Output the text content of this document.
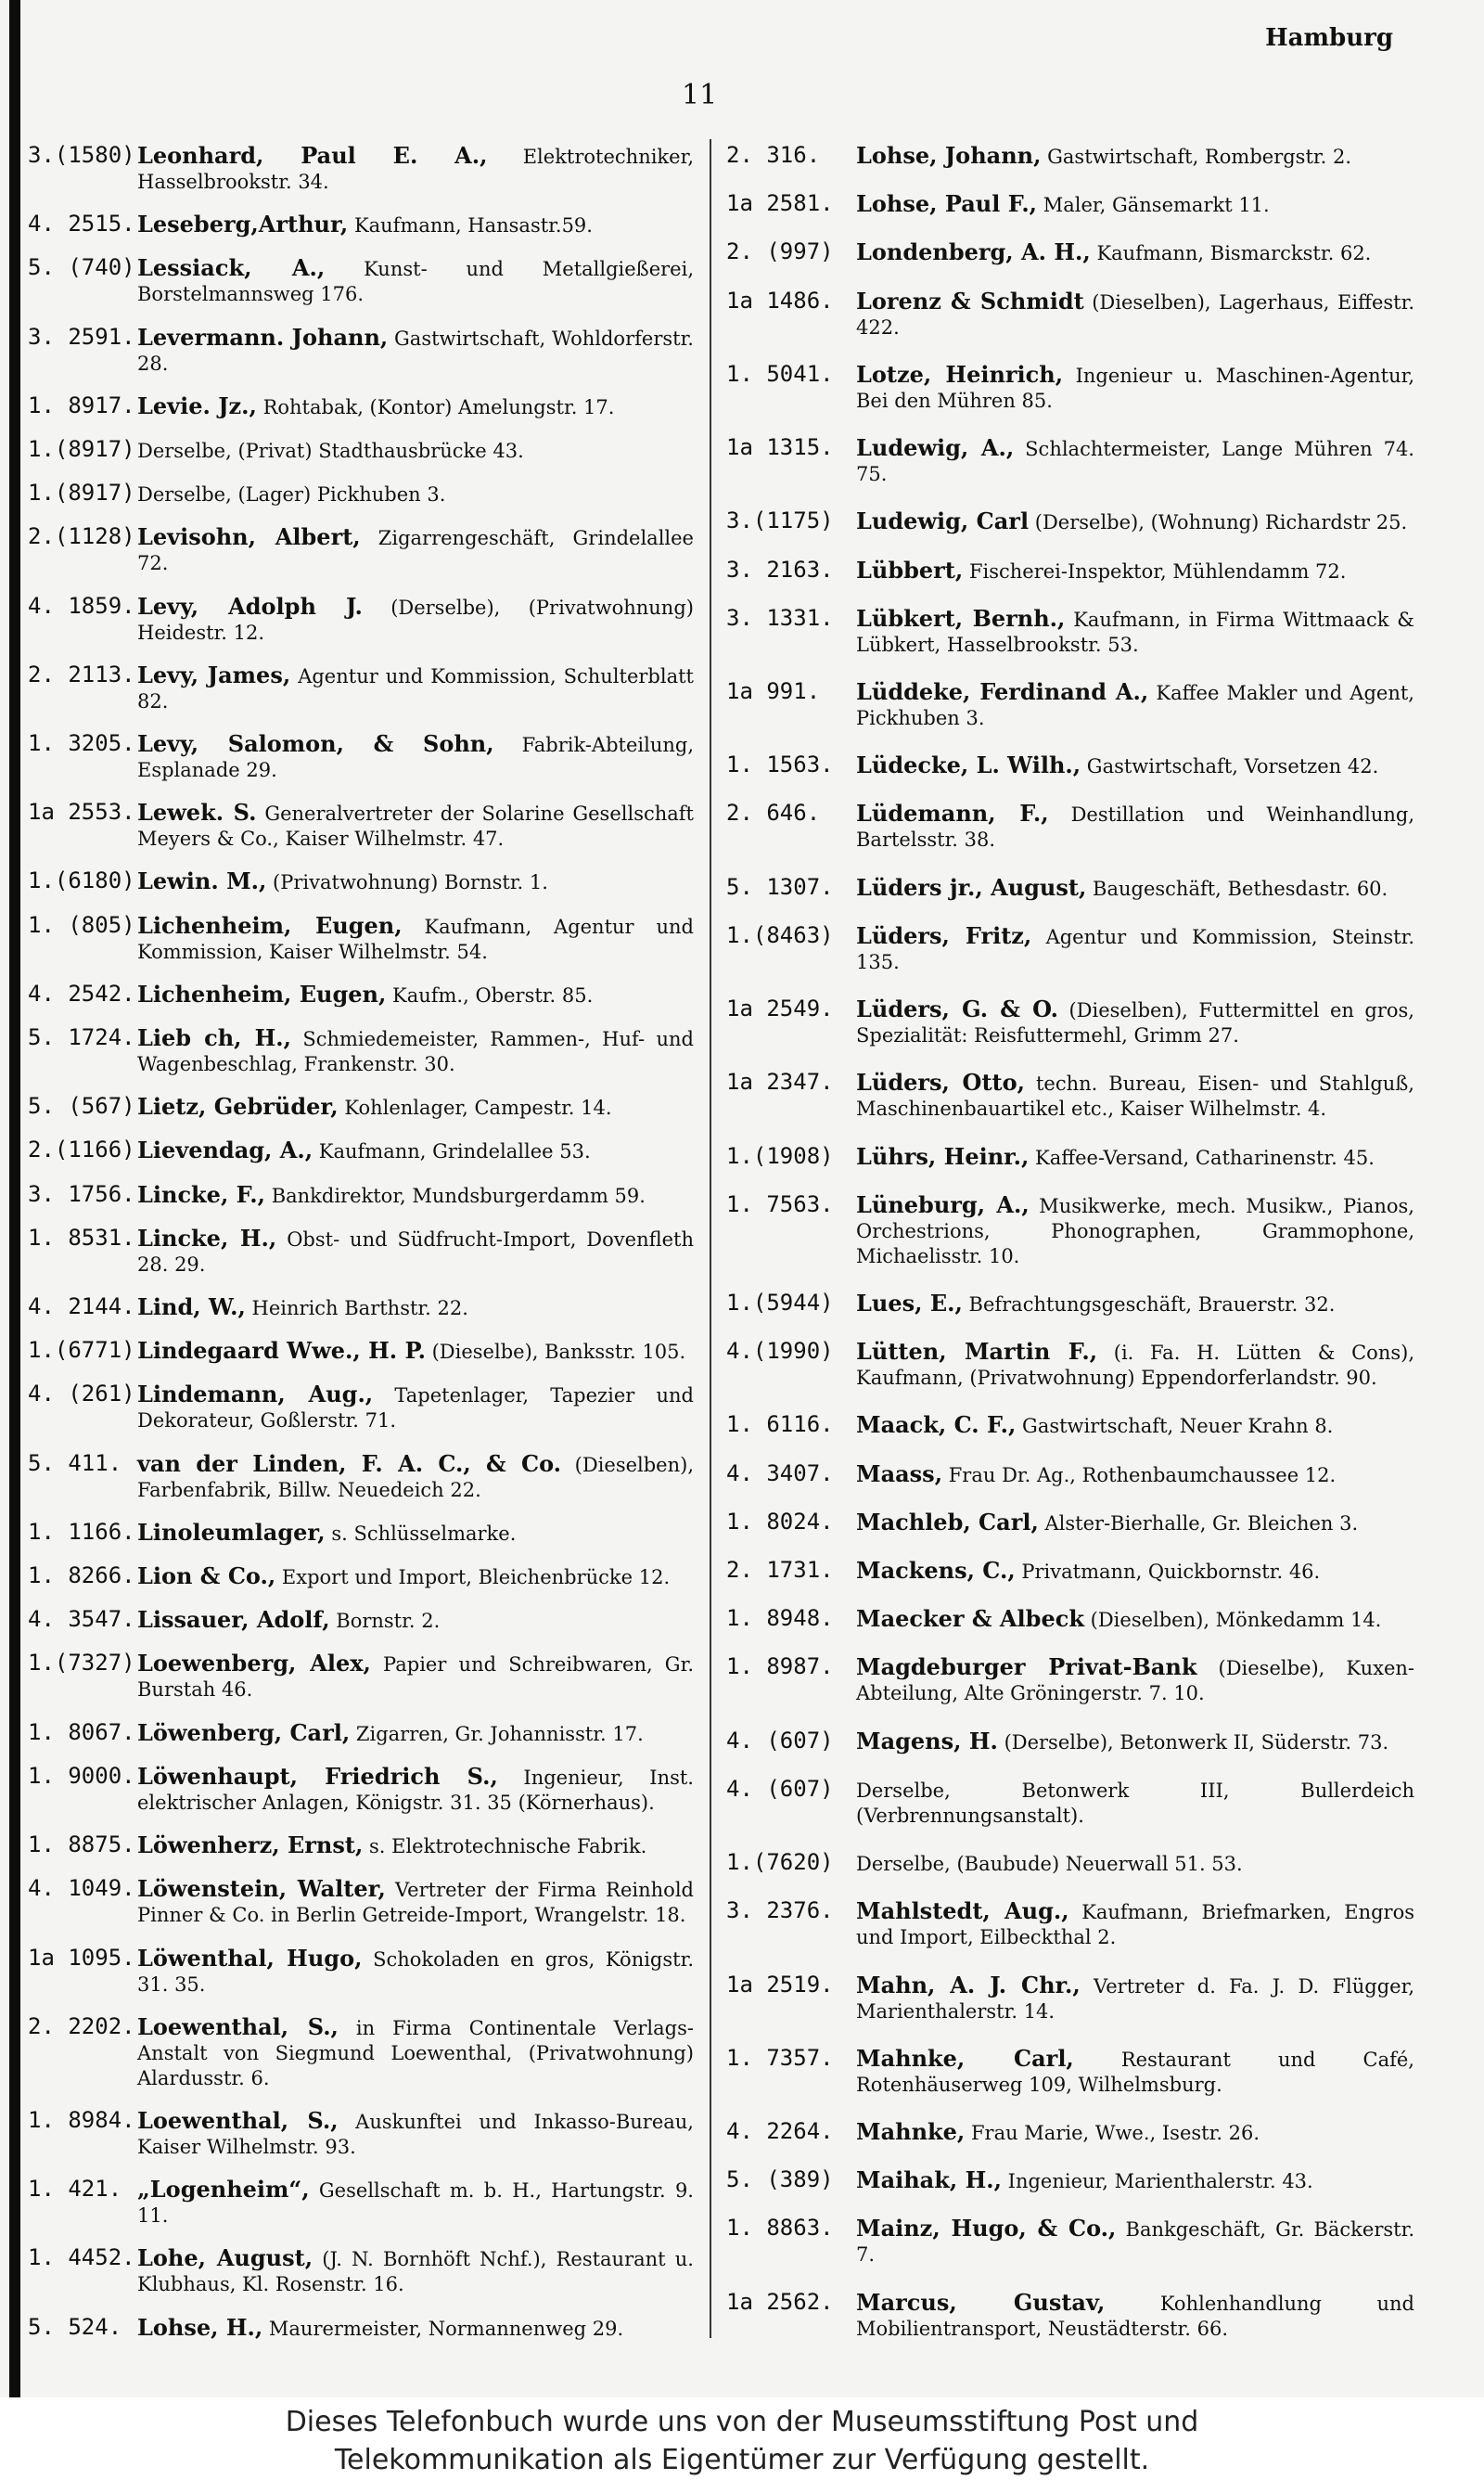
Hamburg
11
3.(1580) Leonhard, Paul E. A., Elektrotechniker, Hasselbrookstr. 34.
4. 2515. Leseberg,Arthur, Kaufmann, Hansastr.59.
5. (740) Lessiack, A., Kunst- und Metallgießerei, Borstelmannsweg 176.
3. 2591. Levermann. Johann, Gastwirtschaft, Wohldorferstr. 28.
1. 8917. Levie. Jz., Rohtabak, (Kontor) Amelungstr. 17.
1.(8917) Derselbe, (Privat) Stadthausbrücke 43.
1.(8917) Derselbe, (Lager) Pickhuben 3.
2.(1128) Levisohn, Albert, Zigarrengeschäft, Grindelallee 72.
4. 1859. Levy, Adolph J. (Derselbe), (Privatwohnung) Heidestr. 12.
2. 2113. Levy, James, Agentur und Kommission, Schulterblatt 82.
1. 3205. Levy, Salomon, & Sohn, Fabrik-Abteilung, Esplanade 29.
1a 2553. Lewek. S. Generalvertreter der Solarine Gesellschaft Meyers & Co., Kaiser Wilhelmstr. 47.
1.(6180) Lewin. M., (Privatwohnung) Bornstr. 1.
1. (805) Lichenheim, Eugen, Kaufmann, Agentur und Kommission, Kaiser Wilhelmstr. 54.
4. 2542. Lichenheim, Eugen, Kaufm., Oberstr. 85.
5. 1724. Lieb ch, H., Schmiedemeister, Rammen-, Huf- und Wagenbeschlag, Frankenstr. 30.
5. (567) Lietz, Gebrüder, Kohlenlager, Campestr. 14.
2.(1166) Lievendag, A., Kaufmann, Grindelallee 53.
3. 1756. Lincke, F., Bankdirektor, Mundsburgerdamm 59.
1. 8531. Lincke, H., Obst- und Südfrucht-Import, Dovenfleth 28. 29.
4. 2144. Lind, W., Heinrich Barthstr. 22.
1.(6771) Lindegaard Wwe., H. P. (Dieselbe), Banksstr. 105.
4. (261) Lindemann, Aug., Tapetenlager, Tapezier und Dekorateur, Goßlerstr. 71.
5. 411. van der Linden, F. A. C., & Co. (Dieselben), Farbenfabrik, Billw. Neuedeich 22.
1. 1166. Linoleumlager, s. Schlüsselmarke.
1. 8266. Lion & Co., Export und Import, Bleichenbrücke 12.
4. 3547. Lissauer, Adolf, Bornstr. 2.
1.(7327) Loewenberg, Alex, Papier und Schreibwaren, Gr. Burstah 46.
1. 8067. Löwenberg, Carl, Zigarren, Gr. Johannisstr. 17.
1. 9000. Löwenhaupt, Friedrich S., Ingenieur, Inst. elektrischer Anlagen, Königstr. 31. 35 (Körnerhaus).
1. 8875. Löwenherz, Ernst, s. Elektrotechnische Fabrik.
4. 1049. Löwenstein, Walter, Vertreter der Firma Reinhold Pinner & Co. in Berlin Getreide-Import, Wrangelstr. 18.
1a 1095. Löwenthal, Hugo, Schokoladen en gros, Königstr. 31. 35.
2. 2202. Loewenthal, S., in Firma Continentale Verlags-Anstalt von Siegmund Loewenthal, (Privatwohnung) Alardusstr. 6.
1. 8984. Loewenthal, S., Auskunftei und Inkasso-Bureau, Kaiser Wilhelmstr. 93.
1. 421. „Logenheim“, Gesellschaft m. b. H., Hartungstr. 9. 11.
1. 4452. Lohe, August, (J. N. Bornhöft Nchf.), Restaurant u. Klubhaus, Kl. Rosenstr. 16.
5. 524. Lohse, H., Maurermeister, Normannenweg 29.
2. 316.	Lohse, Johann, Gastwirtschaft, Rombergstr. 2.
1a 2581.	Lohse, Paul F., Maler, Gänsemarkt 11.
2. (997)	Londenberg, A. H., Kaufmann, Bismarckstr. 62.
1a 1486.	Lorenz & Schmidt (Dieselben), Lagerhaus, Eiffestr. 422.
1. 5041.	Lotze, Heinrich, Ingenieur u. Maschinen-Agentur, Bei den Mühren 85.
1a 1315.	Ludewig, A., Schlachtermeister, Lange Mühren 74. 75.
3.(1175)	Ludewig, Carl (Derselbe), (Wohnung) Richardstr 25.
3. 2163.	Lübbert, Fischerei-Inspektor, Mühlendamm 72.
3. 1331.	Lübkert, Bernh., Kaufmann, in Firma Wittmaack & Lübkert, Hasselbrookstr. 53.
1a 991.	Lüddeke, Ferdinand A., Kaffee Makler und Agent, Pickhuben 3.
1. 1563.	Lüdecke, L. Wilh., Gastwirtschaft, Vorsetzen 42.
2. 646.	Lüdemann, F., Destillation und Weinhandlung, Bartelsstr. 38.
5. 1307.	Lüders jr., August, Baugeschäft, Bethesdastr. 60.
1.(8463)	Lüders, Fritz, Agentur und Kommission, Steinstr. 135.
1a 2549.	Lüders, G. & O. (Dieselben), Futtermittel en gros, Spezialität: Reisfuttermehl, Grimm 27.
1a 2347.	Lüders, Otto, techn. Bureau, Eisen- und Stahlguß, Maschinenbauartikel etc., Kaiser Wilhelmstr. 4.
1.(1908)	Lührs, Heinr., Kaffee-Versand, Catharinenstr. 45.
1. 7563.	Lüneburg, A., Musikwerke, mech. Musikw., Pianos, Orchestrions, Phonographen, Grammophone, Michaelisstr. 10.
1.(5944)	Lues, E., Befrachtungsgeschäft, Brauerstr. 32.
4.(1990)	Lütten, Martin F., (i. Fa. H. Lütten & Cons), Kaufmann, (Privatwohnung) Eppendorferlandstr. 90.
1. 6116.	Maack, C. F., Gastwirtschaft, Neuer Krahn 8.
4. 3407.	Maass, Frau Dr. Ag., Rothenbaumchaussee 12.
1. 8024.	Machleb, Carl, Alster-Bierhalle, Gr. Bleichen 3.
2. 1731.	Mackens, C., Privatmann, Quickbornstr. 46.
1. 8948.	Maecker & Albeck (Dieselben), Mönkedamm 14.
1. 8987.	Magdeburger Privat-Bank (Dieselbe), Kuxen-Abteilung, Alte Gröningerstr. 7. 10.
4. (607)	Magens, H. (Derselbe), Betonwerk II, Süderstr. 73.
4. (607)	Derselbe, Betonwerk III, Bullerdeich (Verbrennungsanstalt).
1.(7620)	Derselbe, (Baubude) Neuerwall 51. 53.
3. 2376.	Mahlstedt, Aug., Kaufmann, Briefmarken, Engros und Import, Eilbeckthal 2.
1a 2519.	Mahn, A. J. Chr., Vertreter d. Fa. J. D. Flügger, Marienthalerstr. 14.
1. 7357.	Mahnke, Carl, Restaurant und Café, Rotenhäuserweg 109, Wilhelmsburg.
4. 2264.	Mahnke, Frau Marie, Wwe., Isestr. 26.
5. (389)	Maihak, H., Ingenieur, Marienthalerstr. 43.
1. 8863.	Mainz, Hugo, & Co., Bankgeschäft, Gr. Bäckerstr. 7.
1a 2562.	Marcus, Gustav,	Kohlenhandlung und Mobilientransport, Neustädterstr. 66.
Dieses Telefonbuch wurde uns von der Museumsstiftung Post und
Telekommunikation als Eigentümer zur Verfügung gestellt.
